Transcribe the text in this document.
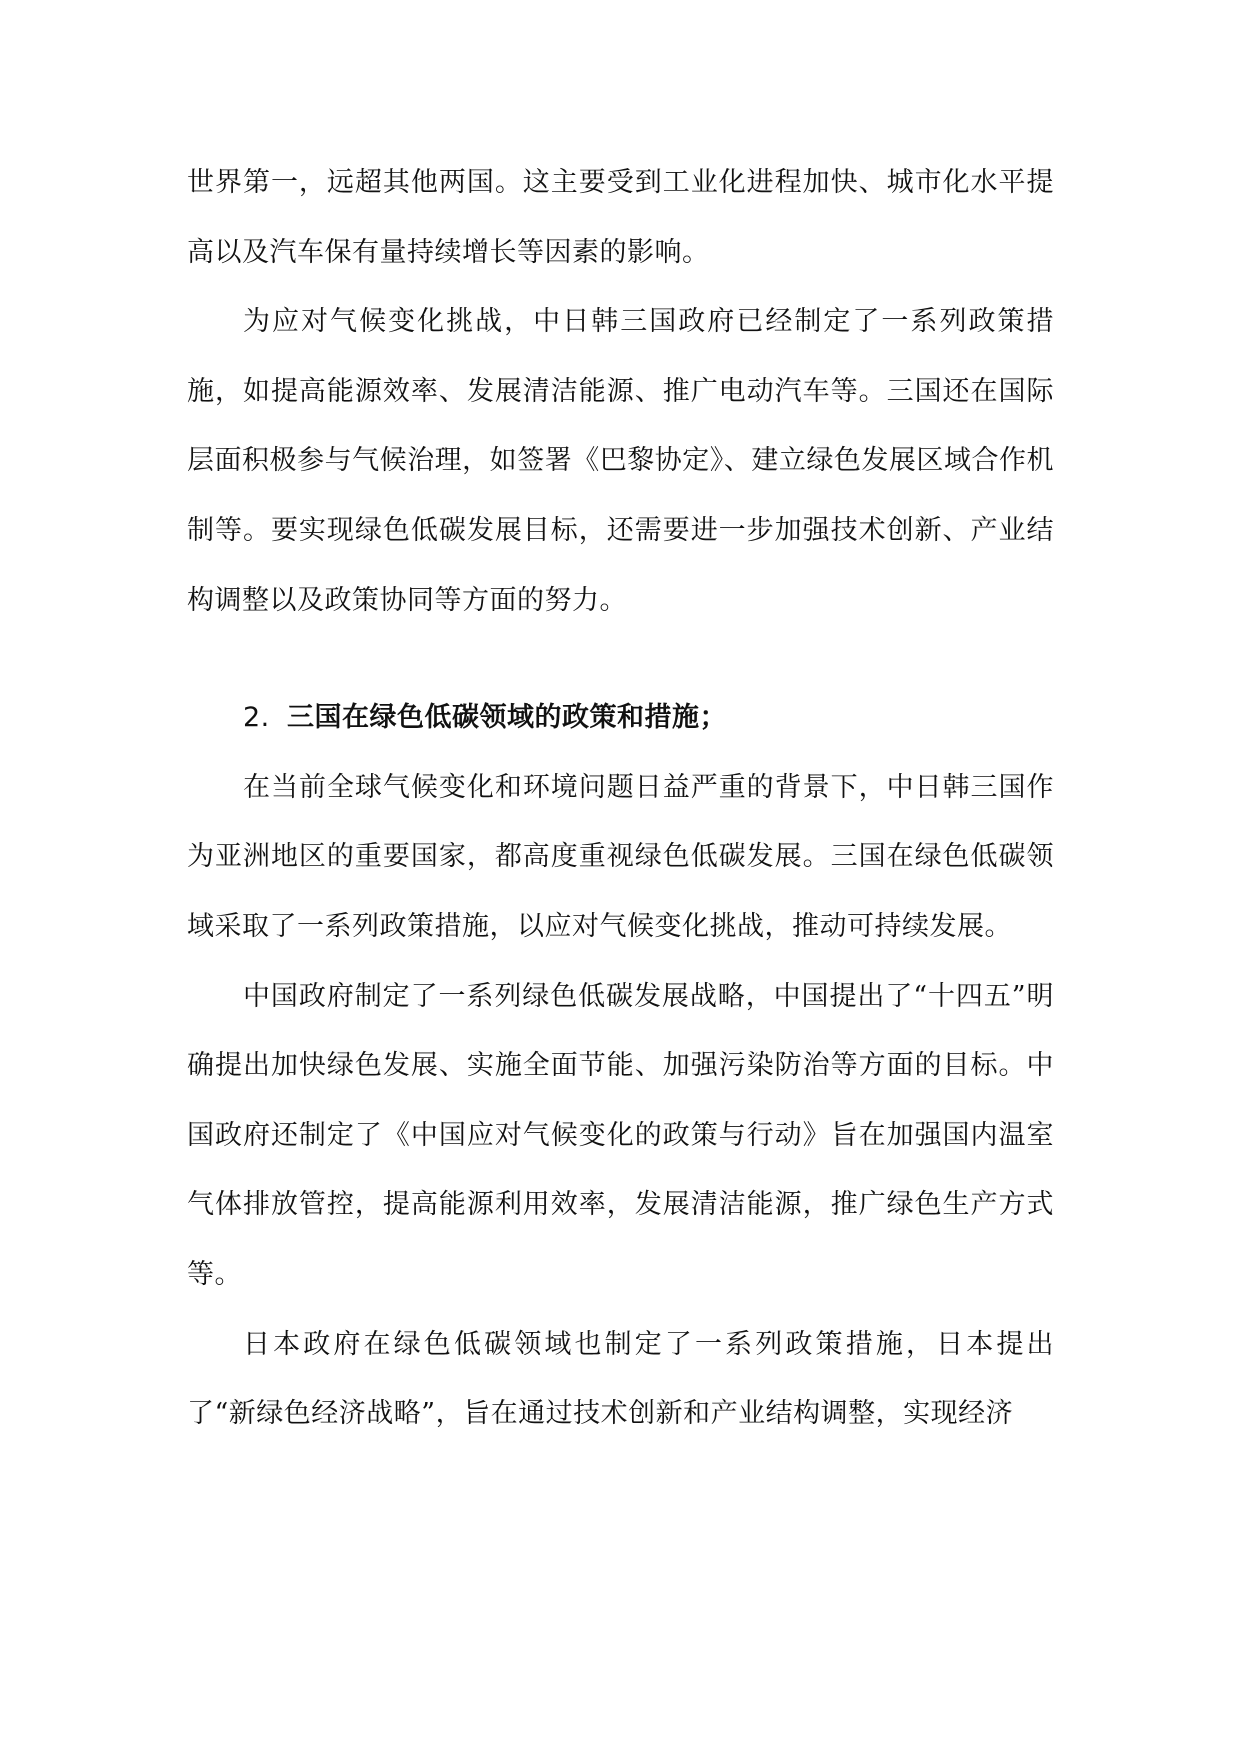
世界第一，远超其他两国。这主要受到工业化进程加快、城市化水平提高以及汽车保有量持续增长等因素的影响。

为应对气候变化挑战，中日韩三国政府已经制定了一系列政策措施，如提高能源效率、发展清洁能源、推广电动汽车等。三国还在国际层面积极参与气候治理，如签署《巴黎协定》、建立绿色发展区域合作机制等。要实现绿色低碳发展目标，还需要进一步加强技术创新、产业结构调整以及政策协同等方面的努力。

2. 三国在绿色低碳领域的政策和措施；

在当前全球气候变化和环境问题日益严重的背景下，中日韩三国作为亚洲地区的重要国家，都高度重视绿色低碳发展。三国在绿色低碳领域采取了一系列政策措施，以应对气候变化挑战，推动可持续发展。

中国政府制定了一系列绿色低碳发展战略，中国提出了“十四五”明确提出加快绿色发展、实施全面节能、加强污染防治等方面的目标。中国政府还制定了《中国应对气候变化的政策与行动》旨在加强国内温室气体排放管控，提高能源利用效率，发展清洁能源，推广绿色生产方式等。

日本政府在绿色低碳领域也制定了一系列政策措施，日本提出了“新绿色经济战略”，旨在通过技术创新和产业结构调整，实现经济
